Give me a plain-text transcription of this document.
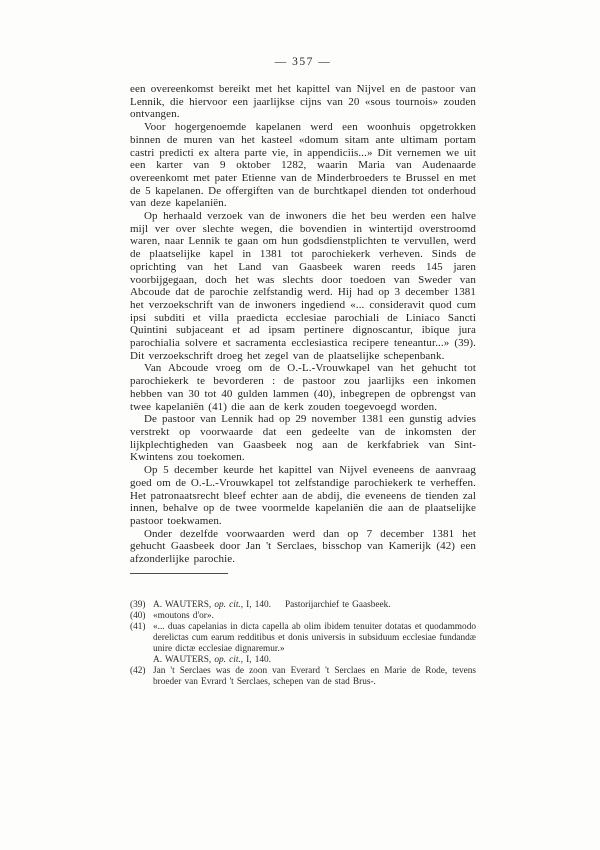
— 357 —

een overeenkomst bereikt met het kapittel van Nijvel en de pastoor van Lennik, die hiervoor een jaarlijkse cijns van 20 «sous tournois» zouden ontvangen.

Voor hogergenoemde kapelanen werd een woonhuis opgetrokken binnen de muren van het kasteel «domum sitam ante ultimam portam castri predicti ex altera parte vie, in appendiciis...» Dit vernemen we uit een karter van 9 oktober 1282, waarin Maria van Audenaarde overeenkomt met pater Etienne van de Minderbroeders te Brussel en met de 5 kapelanen. De offergiften van de burchtkapel dienden tot onderhoud van deze kapelaniën.

Op herhaald verzoek van de inwoners die het beu werden een halve mijl ver over slechte wegen, die bovendien in wintertijd overstroomd waren, naar Lennik te gaan om hun godsdienstplichten te vervullen, werd de plaatselijke kapel in 1381 tot parochiekerk verheven. Sinds de oprichting van het Land van Gaasbeek waren reeds 145 jaren voorbijgegaan, doch het was slechts door toedoen van Sweder van Abcoude dat de parochie zelfstandig werd. Hij had op 3 december 1381 het verzoekschrift van de inwoners ingediend «... consideravit quod cum ipsi subditi et villa praedicta ecclesiae parochiali de Liniaco Sancti Quintini subjaceant et ad ipsam pertinere dignoscantur, ibique jura parochialia solvere et sacramenta ecclesiastica recipere teneantur...» (39). Dit verzoekschrift droeg het zegel van de plaatselijke schepenbank.

Van Abcoude vroeg om de O.-L.-Vrouwkapel van het gehucht tot parochiekerk te bevorderen : de pastoor zou jaarlijks een inkomen hebben van 30 tot 40 gulden lammen (40), inbegrepen de opbrengst van twee kapelaniën (41) die aan de kerk zouden toegevoegd worden.

De pastoor van Lennik had op 29 november 1381 een gunstig advies verstrekt op voorwaarde dat een gedeelte van de inkomsten der lijkplechtigheden van Gaasbeek nog aan de kerkfabriek van Sint-Kwintens zou toekomen.

Op 5 december keurde het kapittel van Nijvel eveneens de aanvraag goed om de O.-L.-Vrouwkapel tot zelfstandige parochiekerk te verheffen. Het patronaatsrecht bleef echter aan de abdij, die eveneens de tienden zal innen, behalve op de twee voormelde kapelaniën die aan de plaatselijke pastoor toekwamen.

Onder dezelfde voorwaarden werd dan op 7 december 1381 het gehucht Gaasbeek door Jan 't Serclaes, bisschop van Kamerijk (42) een afzonderlijke parochie.

(39) A. WAUTERS, op. cit., I, 140.  Pastorijarchief te Gaasbeek.
(40) «moutons d'or».
(41) «... duas capelanias in dicta capella ab olim ibidem tenuiter dotatas et quodammodo derelictas cum earum redditibus et donis universis in subsiduum ecclesiae fundandæ unire dictæ ecclesiae dignaremur.»
A. WAUTERS, op. cit., I, 140.
(42) Jan 't Serclaes was de zoon van Everard 't Serclaes en Marie de Rode, tevens broeder van Evrard 't Serclaes, schepen van de stad Brus-.
